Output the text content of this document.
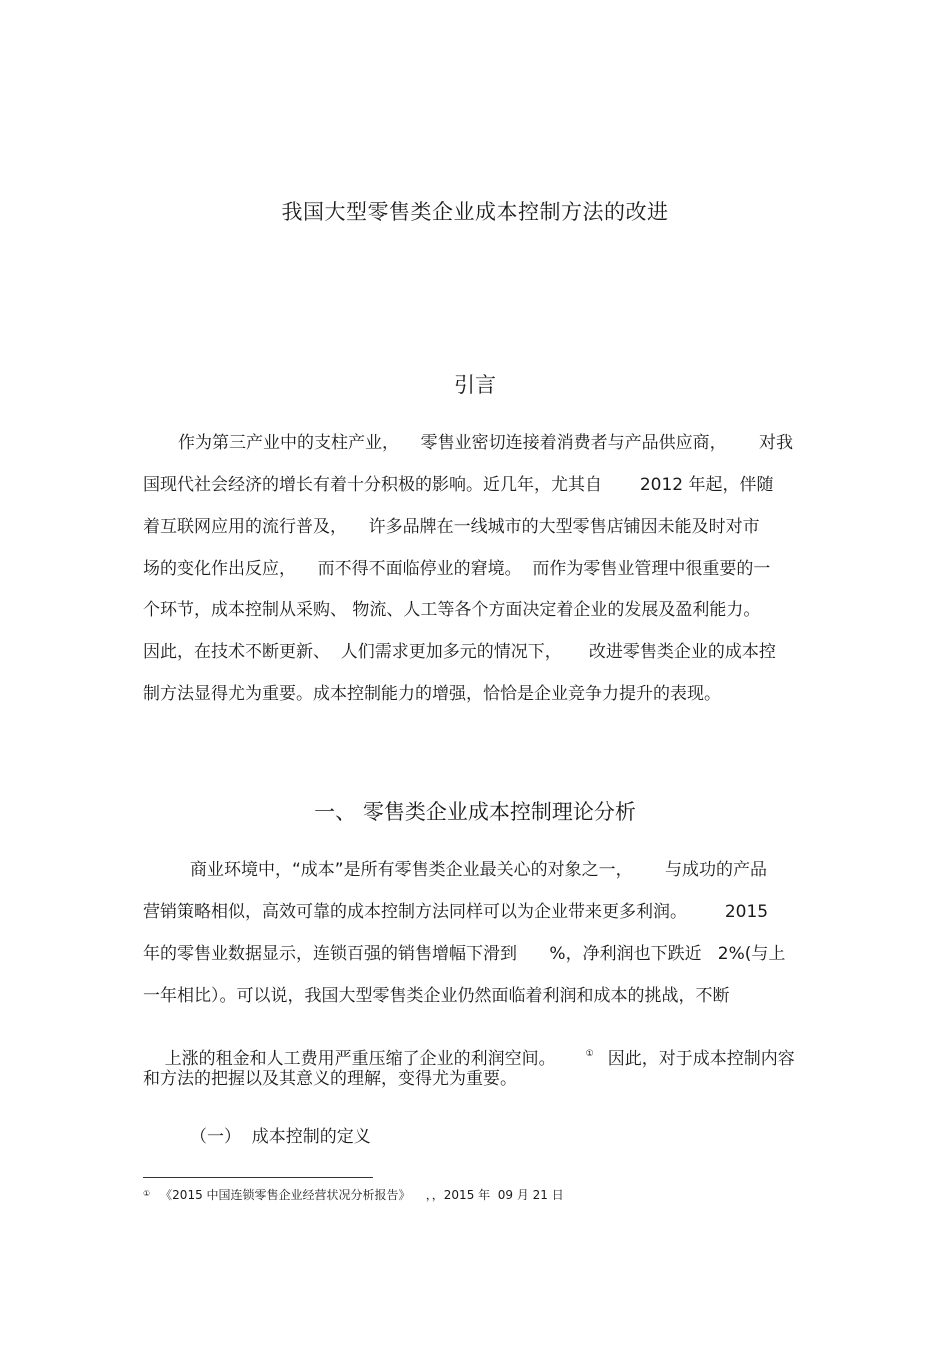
我国大型零售类企业成本控制方法的改进
引言
作为第三产业中的支柱产业，    零售业密切连接着消费者与产品供应商，      对我
国现代社会经济的增长有着十分积极的影响。近几年，尤其自       2012 年起，伴随
着互联网应用的流行普及，    许多品牌在一线城市的大型零售店铺因未能及时对市
场的变化作出反应，    而不得不面临停业的窘境。  而作为零售业管理中很重要的一
个环节，成本控制从采购、 物流、人工等各个方面决定着企业的发展及盈利能力。
因此，在技术不断更新、  人们需求更加多元的情况下，     改进零售类企业的成本控
制方法显得尤为重要。成本控制能力的增强，恰恰是企业竞争力提升的表现。
一、 零售类企业成本控制理论分析
商业环境中，“成本”是所有零售类企业最关心的对象之一，      与成功的产品
营销策略相似，高效可靠的成本控制方法同样可以为企业带来更多利润。       2015
年的零售业数据显示，连锁百强的销售增幅下滑到      %，净利润也下跌近   2%(与上
一年相比）。可以说，我国大型零售类企业仍然面临着利润和成本的挑战，不断

上涨的租金和人工费用严重压缩了企业的利润空间。	① 因此，对于成本控制内容

和方法的把握以及其意义的理解，变得尤为重要。
（一）  成本控制的定义
① 《2015 中国连锁零售企业经营状况分析报告》    ，，2015 年  09 月 21 日
